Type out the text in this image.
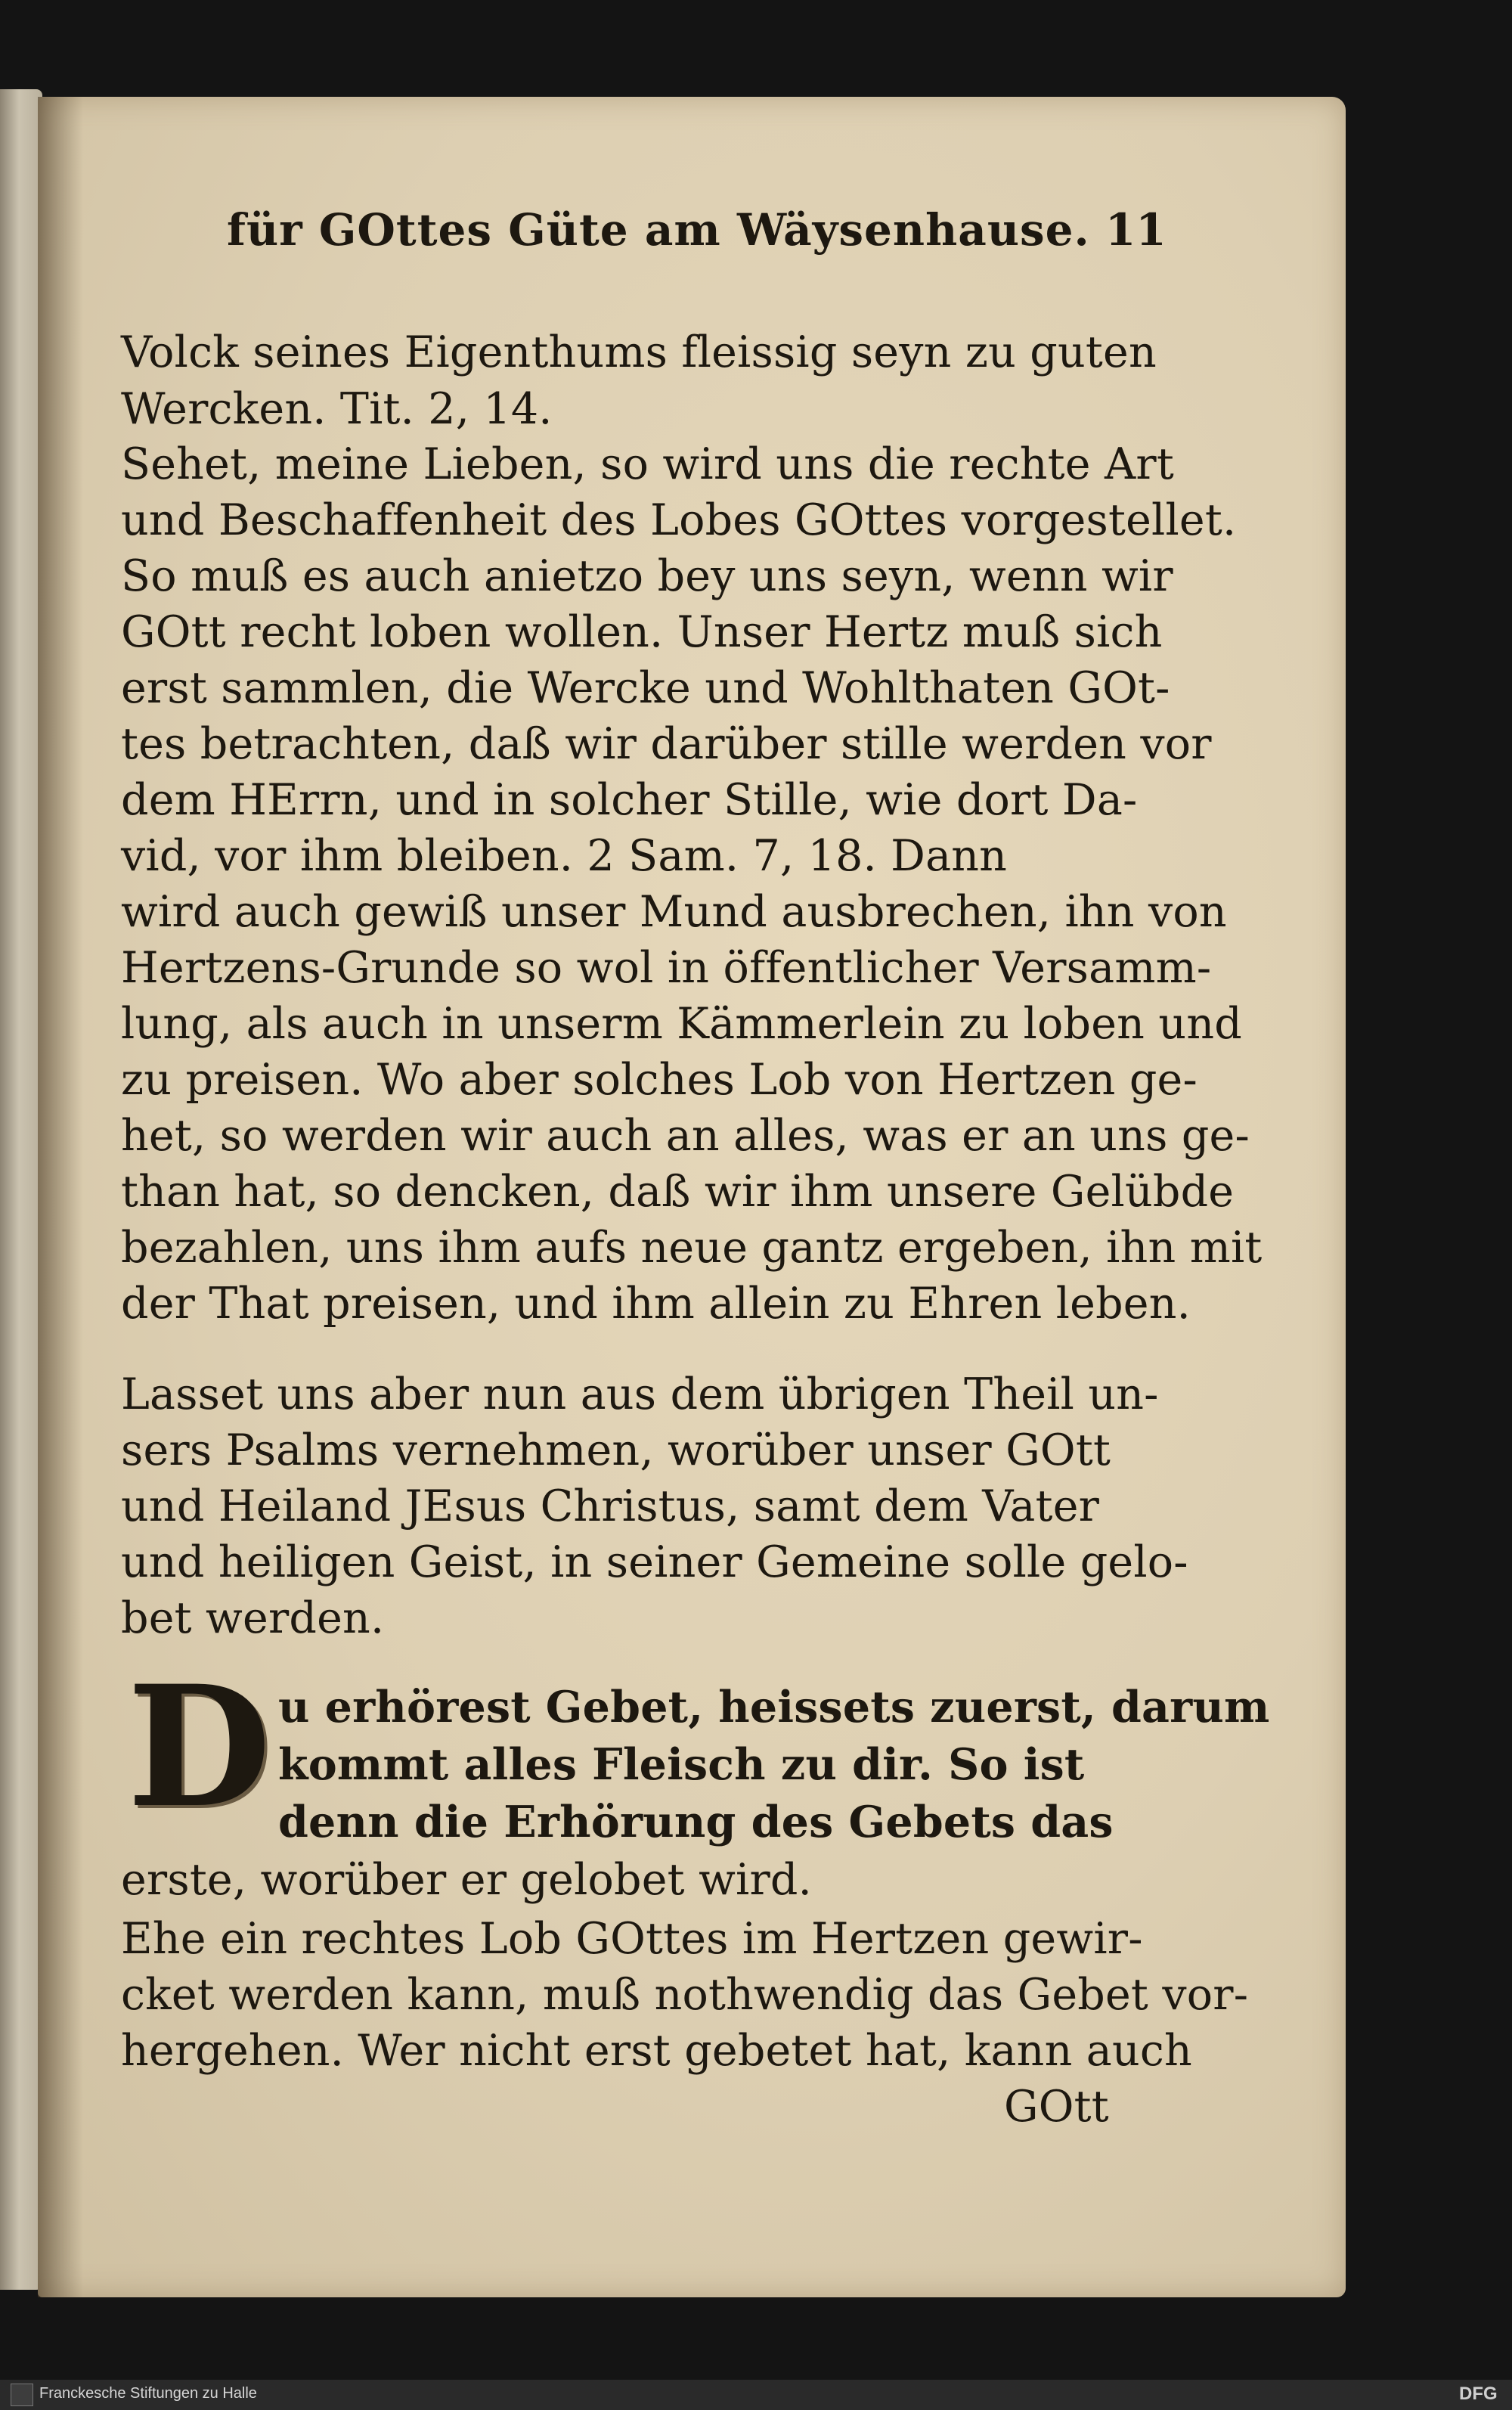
für GOttes Güte am Wäysenhause. 11
Volck seines Eigenthums fleissig seyn zu guten
Wercken. Tit. 2, 14.
Sehet, meine Lieben, so wird uns die rechte Art
und Beschaffenheit des Lobes GOttes vorgestellet.
So muß es auch anietzo bey uns seyn, wenn wir
GOtt recht loben wollen. Unser Hertz muß sich
erst sammlen, die Wercke und Wohlthaten GOt-
tes betrachten, daß wir darüber stille werden vor
dem HErrn, und in solcher Stille, wie dort Da-
vid, vor ihm bleiben. 2 Sam. 7, 18. Dann
wird auch gewiß unser Mund ausbrechen, ihn von
Hertzens-Grunde so wol in öffentlicher Versamm-
lung, als auch in unserm Kämmerlein zu loben und
zu preisen. Wo aber solches Lob von Hertzen ge-
het, so werden wir auch an alles, was er an uns ge-
than hat, so dencken, daß wir ihm unsere Gelübde
bezahlen, uns ihm aufs neue gantz ergeben, ihn mit
der That preisen, und ihm allein zu Ehren leben.
Lasset uns aber nun aus dem übrigen Theil un-
sers Psalms vernehmen, worüber unser GOtt
und Heiland JEsus Christus, samt dem Vater
und heiligen Geist, in seiner Gemeine solle gelo-
bet werden.
D u erhörest Gebet, heissets zuerst, darum
kommt alles Fleisch zu dir. So ist
denn die Erhörung des Gebets das
erste, worüber er gelobet wird.
Ehe ein rechtes Lob GOttes im Hertzen gewir-
cket werden kann, muß nothwendig das Gebet vor-
hergehen. Wer nicht erst gebetet hat, kann auch
GOtt
Franckesche Stiftungen zu Halle	DFG
